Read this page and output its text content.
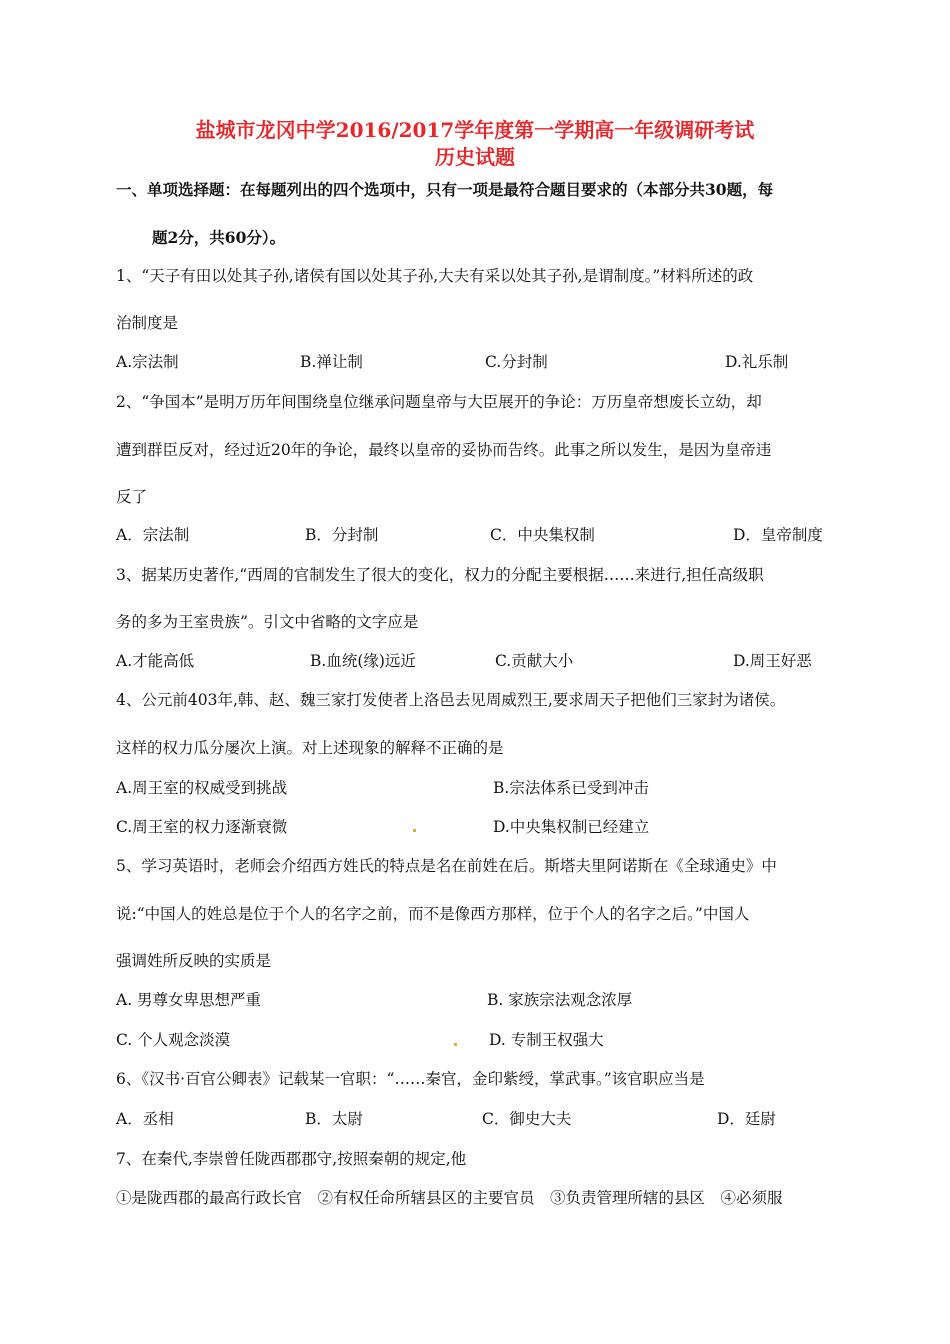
盐城市龙冈中学2016/2017学年度第一学期高一年级调研考试
历史试题
一、单项选择题：在每题列出的四个选项中，只有一项是最符合题目要求的（本部分共30题，每
题2分，共60分）。
1、“天子有田以处其子孙,诸侯有国以处其子孙,大夫有采以处其子孙,是谓制度。”材料所述的政
治制度是
A.宗法制	B.禅让制	C.分封制	D.礼乐制
2、“争国本”是明万历年间围绕皇位继承问题皇帝与大臣展开的争论：万历皇帝想废长立幼，却
遭到群臣反对，经过近20年的争论，最终以皇帝的妥协而告终。此事之所以发生，是因为皇帝违
反了
A．宗法制	B．分封制	C．中央集权制	D．皇帝制度
3、据某历史著作,“西周的官制发生了很大的变化，权力的分配主要根据……来进行,担任高级职
务的多为王室贵族”。引文中省略的文字应是
A.才能高低	B.血统(缘)远近	C.贡献大小	D.周王好恶
4、公元前403年,韩、赵、魏三家打发使者上洛邑去见周威烈王,要求周天子把他们三家封为诸侯。
这样的权力瓜分屡次上演。对上述现象的解释不正确的是
A.周王室的权威受到挑战	B.宗法体系已受到冲击
C.周王室的权力逐渐衰微	D.中央集权制已经建立
5、学习英语时，老师会介绍西方姓氏的特点是名在前姓在后。斯塔夫里阿诺斯在《全球通史》中
说:“中国人的姓总是位于个人的名字之前，而不是像西方那样，位于个人的名字之后。”中国人
强调姓所反映的实质是
A. 男尊女卑思想严重	B. 家族宗法观念浓厚
C. 个人观念淡漠	D. 专制王权强大
6、《汉书·百官公卿表》记载某一官职：“……秦官，金印紫绶，掌武事。”该官职应当是
A．丞相	B．太尉	C．御史大夫	D．廷尉
7、在秦代,李崇曾任陇西郡郡守,按照秦朝的规定,他
①是陇西郡的最高行政长官　②有权任命所辖县区的主要官员　③负责管理所辖的县区　④必须服
